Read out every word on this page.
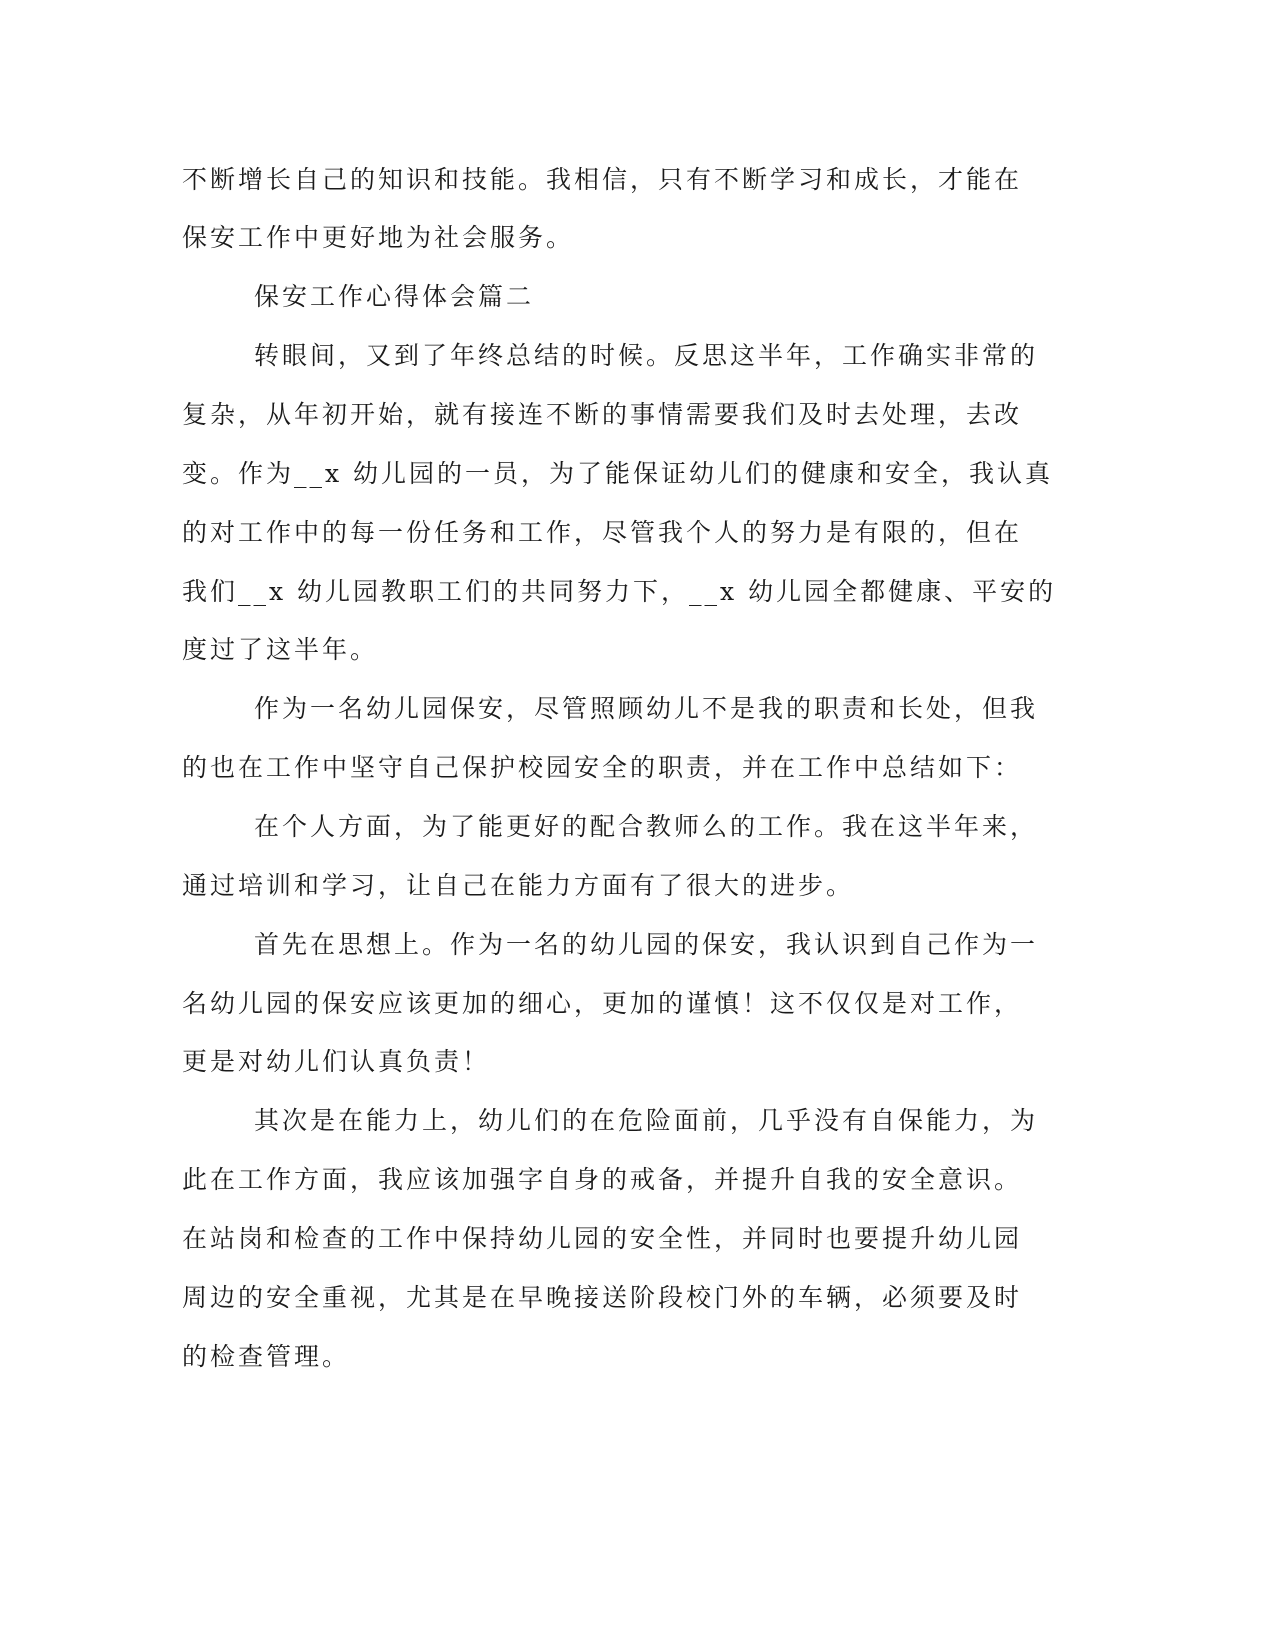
不断增长自己的知识和技能。我相信，只有不断学习和成长，才能在
保安工作中更好地为社会服务。
保安工作心得体会篇二
转眼间，又到了年终总结的时候。反思这半年，工作确实非常的
复杂，从年初开始，就有接连不断的事情需要我们及时去处理，去改
变。作为__x 幼儿园的一员，为了能保证幼儿们的健康和安全，我认真
的对工作中的每一份任务和工作，尽管我个人的努力是有限的，但在
我们__x 幼儿园教职工们的共同努力下，__x 幼儿园全都健康、平安的
度过了这半年。
作为一名幼儿园保安，尽管照顾幼儿不是我的职责和长处，但我
的也在工作中坚守自己保护校园安全的职责，并在工作中总结如下：
在个人方面，为了能更好的配合教师么的工作。我在这半年来，
通过培训和学习，让自己在能力方面有了很大的进步。
首先在思想上。作为一名的幼儿园的保安，我认识到自己作为一
名幼儿园的保安应该更加的细心，更加的谨慎！这不仅仅是对工作，
更是对幼儿们认真负责！
其次是在能力上，幼儿们的在危险面前，几乎没有自保能力，为
此在工作方面，我应该加强字自身的戒备，并提升自我的安全意识。
在站岗和检查的工作中保持幼儿园的安全性，并同时也要提升幼儿园
周边的安全重视，尤其是在早晚接送阶段校门外的车辆，必须要及时
的检查管理。
